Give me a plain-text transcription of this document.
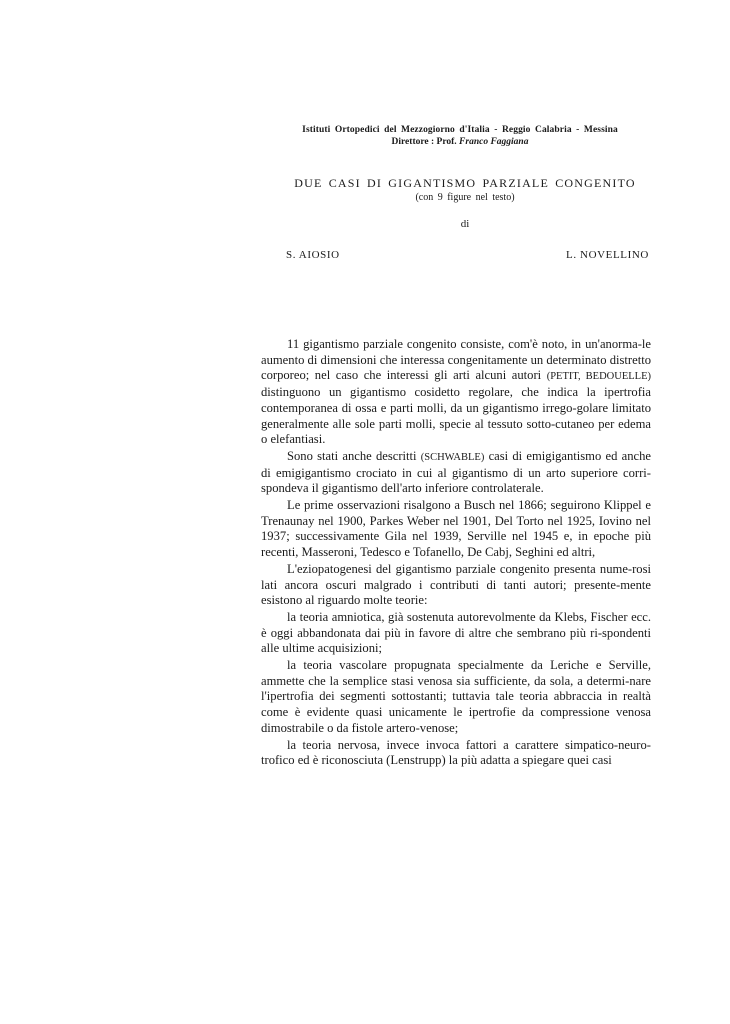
Istituti Ortopedici del Mezzogiorno d'Italia - Reggio Calabria - Messina
Direttore : Prof. Franco Faggiana
DUE CASI DI GIGANTISMO PARZIALE CONGENITO
(con 9 figure nel testo)
di
S. AIOSIO	L. NOVELLINO

11 gigantismo parziale congenito consiste, com'è noto, in un'anorma-le aumento di dimensioni che interessa congenitamente un determinato distretto corporeo; nel caso che interessi gli arti alcuni autori (PETIT, BEDOUELLE) distinguono un gigantismo cosidetto regolare, che indica la ipertrofia contemporanea di ossa e parti molli, da un gigantismo irrego-golare limitato generalmente alle sole parti molli, specie al tessuto sotto-cutaneo per edema o elefantiasi.

Sono stati anche descritti (SCHWABLE) casi di emigigantismo ed anche di emigigantismo crociato in cui al gigantismo di un arto superiore corri-spondeva il gigantismo dell'arto inferiore controlaterale.

Le prime osservazioni risalgono a Busch nel 1866; seguirono Klippel e Trenaunay nel 1900, Parkes Weber nel 1901, Del Torto nel 1925, Iovino nel 1937; successivamente Gila nel 1939, Serville nel 1945 e, in epoche più recenti, Masseroni, Tedesco e Tofanello, De Cabj, Seghini ed altri,

L'eziopatogenesi del gigantismo parziale congenito presenta nume-rosi lati ancora oscuri malgrado i contributi di tanti autori; presente-mente esistono al riguardo molte teorie:

la teoria amniotica, già sostenuta autorevolmente da Klebs, Fischer ecc. è oggi abbandonata dai più in favore di altre che sembrano più ri-spondenti alle ultime acquisizioni;

la teoria vascolare propugnata specialmente da Leriche e Serville, ammette che la semplice stasi venosa sia sufficiente, da sola, a determi-nare l'ipertrofia dei segmenti sottostanti; tuttavia tale teoria abbraccia in realtà come è evidente quasi unicamente le ipertrofie da compressione venosa dimostrabile o da fistole artero-venose;

la teoria nervosa, invece invoca fattori a carattere simpatico-neuro-trofico ed è riconosciuta (Lenstrupp) la più adatta a spiegare quei casi
